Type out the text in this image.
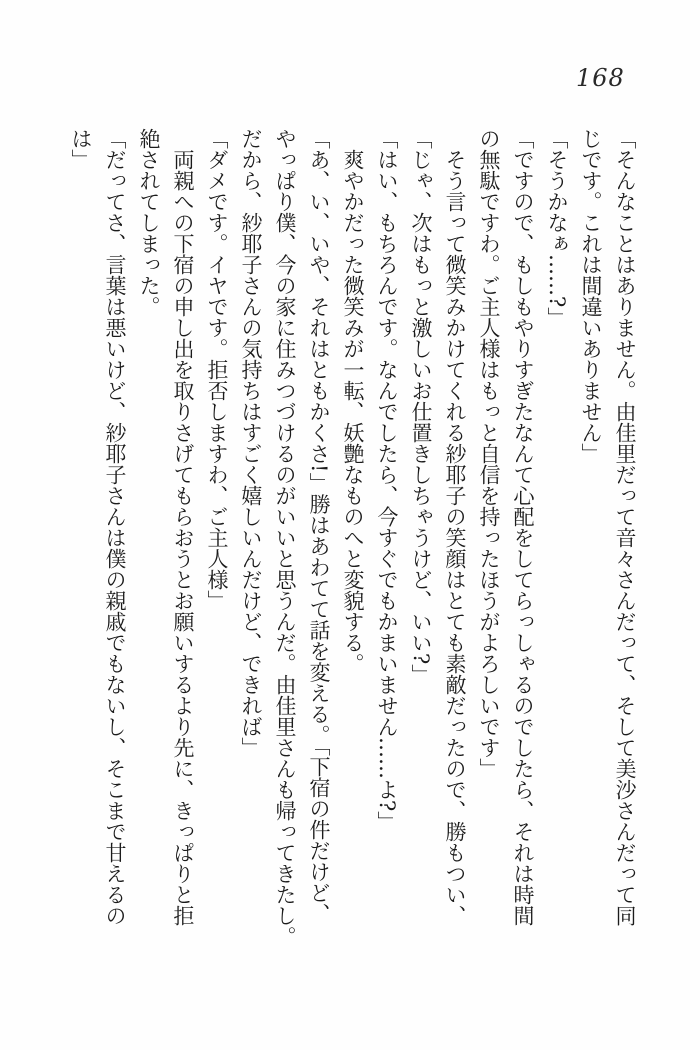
168

「そんなことはありません。由佳里だって音々さんだって、そして美沙さんだって同
じです。これは間違いありません」

「そうかなぁ……?」

「ですので、もしもやりすぎたなんて心配をしてらっしゃるのでしたら、それは時間
の無駄ですわ。ご主人様はもっと自信を持ったほうがよろしいです」

そう言って微笑みかけてくれる紗耶子の笑顔はとても素敵だったので、勝もつい、

「じゃ、次はもっと激しいお仕置きしちゃうけど、いい?」

「はい、もちろんです。なんでしたら、今すぐでもかまいません……よ?」

爽やかだった微笑みが一転、妖艶なものへと変貌する。

「あ、い、いや、それはともかくさ!」勝はあわてて話を変える。「下宿の件だけど、
やっぱり僕、今の家に住みつづけるのがいいと思うんだ。由佳里さんも帰ってきたし。
だから、紗耶子さんの気持ちはすごく嬉しいんだけど、できれば」

「ダメです。イヤです。拒否しますわ、ご主人様」

両親への下宿の申し出を取りさげてもらおうとお願いするより先に、きっぱりと拒
絶されてしまった。

「だってさ、言葉は悪いけど、紗耶子さんは僕の親戚でもないし、そこまで甘えるの
は」
